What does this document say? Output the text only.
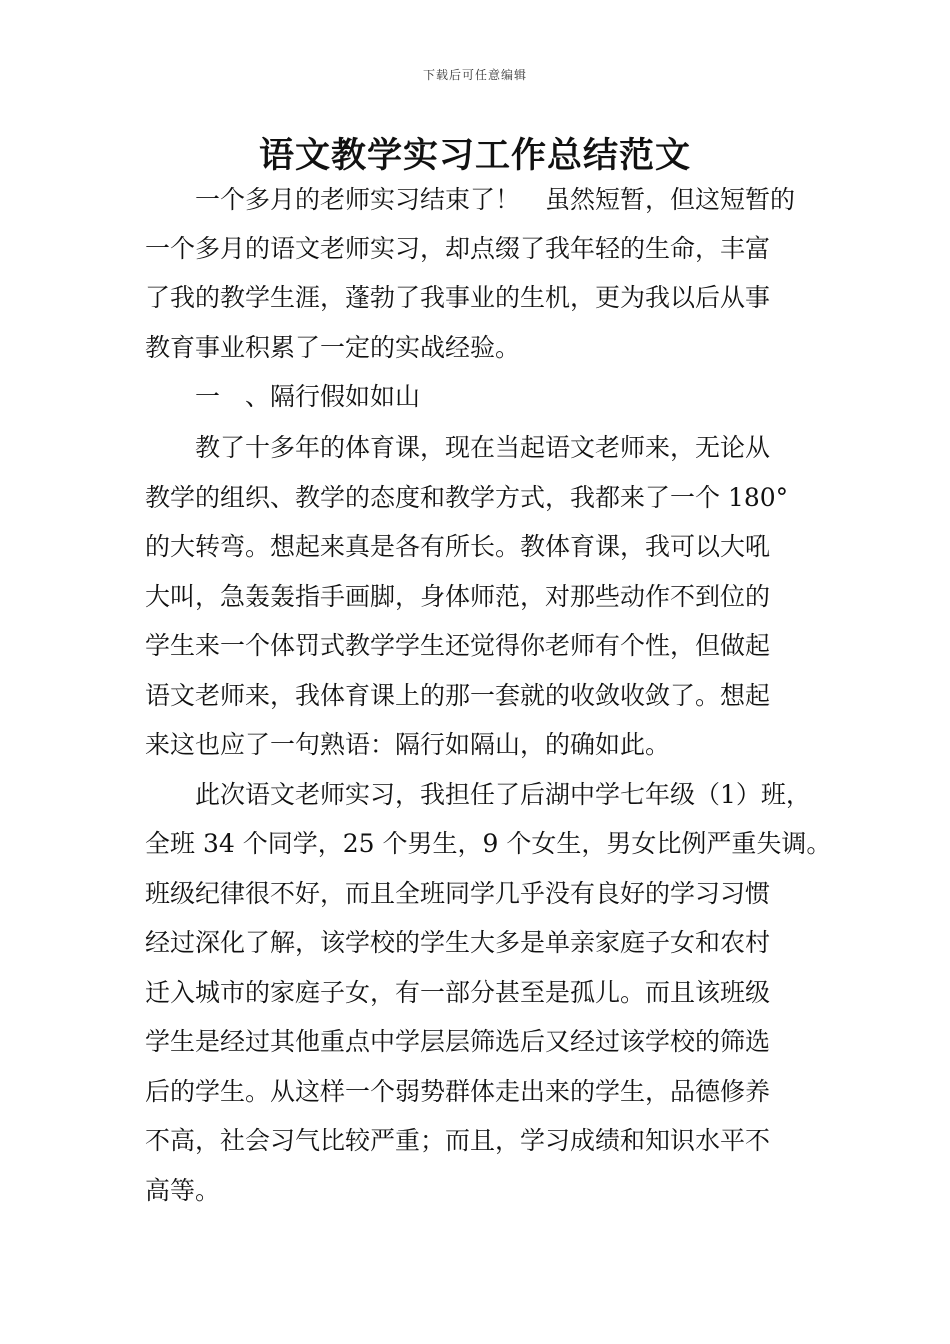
下载后可任意编辑
语文教学实习工作总结范文
　　一个多月的老师实习结束了！　虽然短暂，但这短暂的
一个多月的语文老师实习，却点缀了我年轻的生命，丰富
了我的教学生涯，蓬勃了我事业的生机，更为我以后从事
教育事业积累了一定的实战经验。
　　一　、隔行假如如山
　　教了十多年的体育课，现在当起语文老师来，无论从
教学的组织、教学的态度和教学方式，我都来了一个 180°
的大转弯。想起来真是各有所长。教体育课，我可以大吼
大叫，急轰轰指手画脚，身体师范，对那些动作不到位的
学生来一个体罚式教学学生还觉得你老师有个性，但做起
语文老师来，我体育课上的那一套就的收敛收敛了。想起
来这也应了一句熟语：隔行如隔山，的确如此。
　　此次语文老师实习，我担任了后湖中学七年级（1）班，
全班 34 个同学，25 个男生，9 个女生，男女比例严重失调。
班级纪律很不好，而且全班同学几乎没有良好的学习习惯
经过深化了解，该学校的学生大多是单亲家庭子女和农村
迁入城市的家庭子女，有一部分甚至是孤儿。而且该班级
学生是经过其他重点中学层层筛选后又经过该学校的筛选
后的学生。从这样一个弱势群体走出来的学生，品德修养
不高，社会习气比较严重；而且，学习成绩和知识水平不
高等。
